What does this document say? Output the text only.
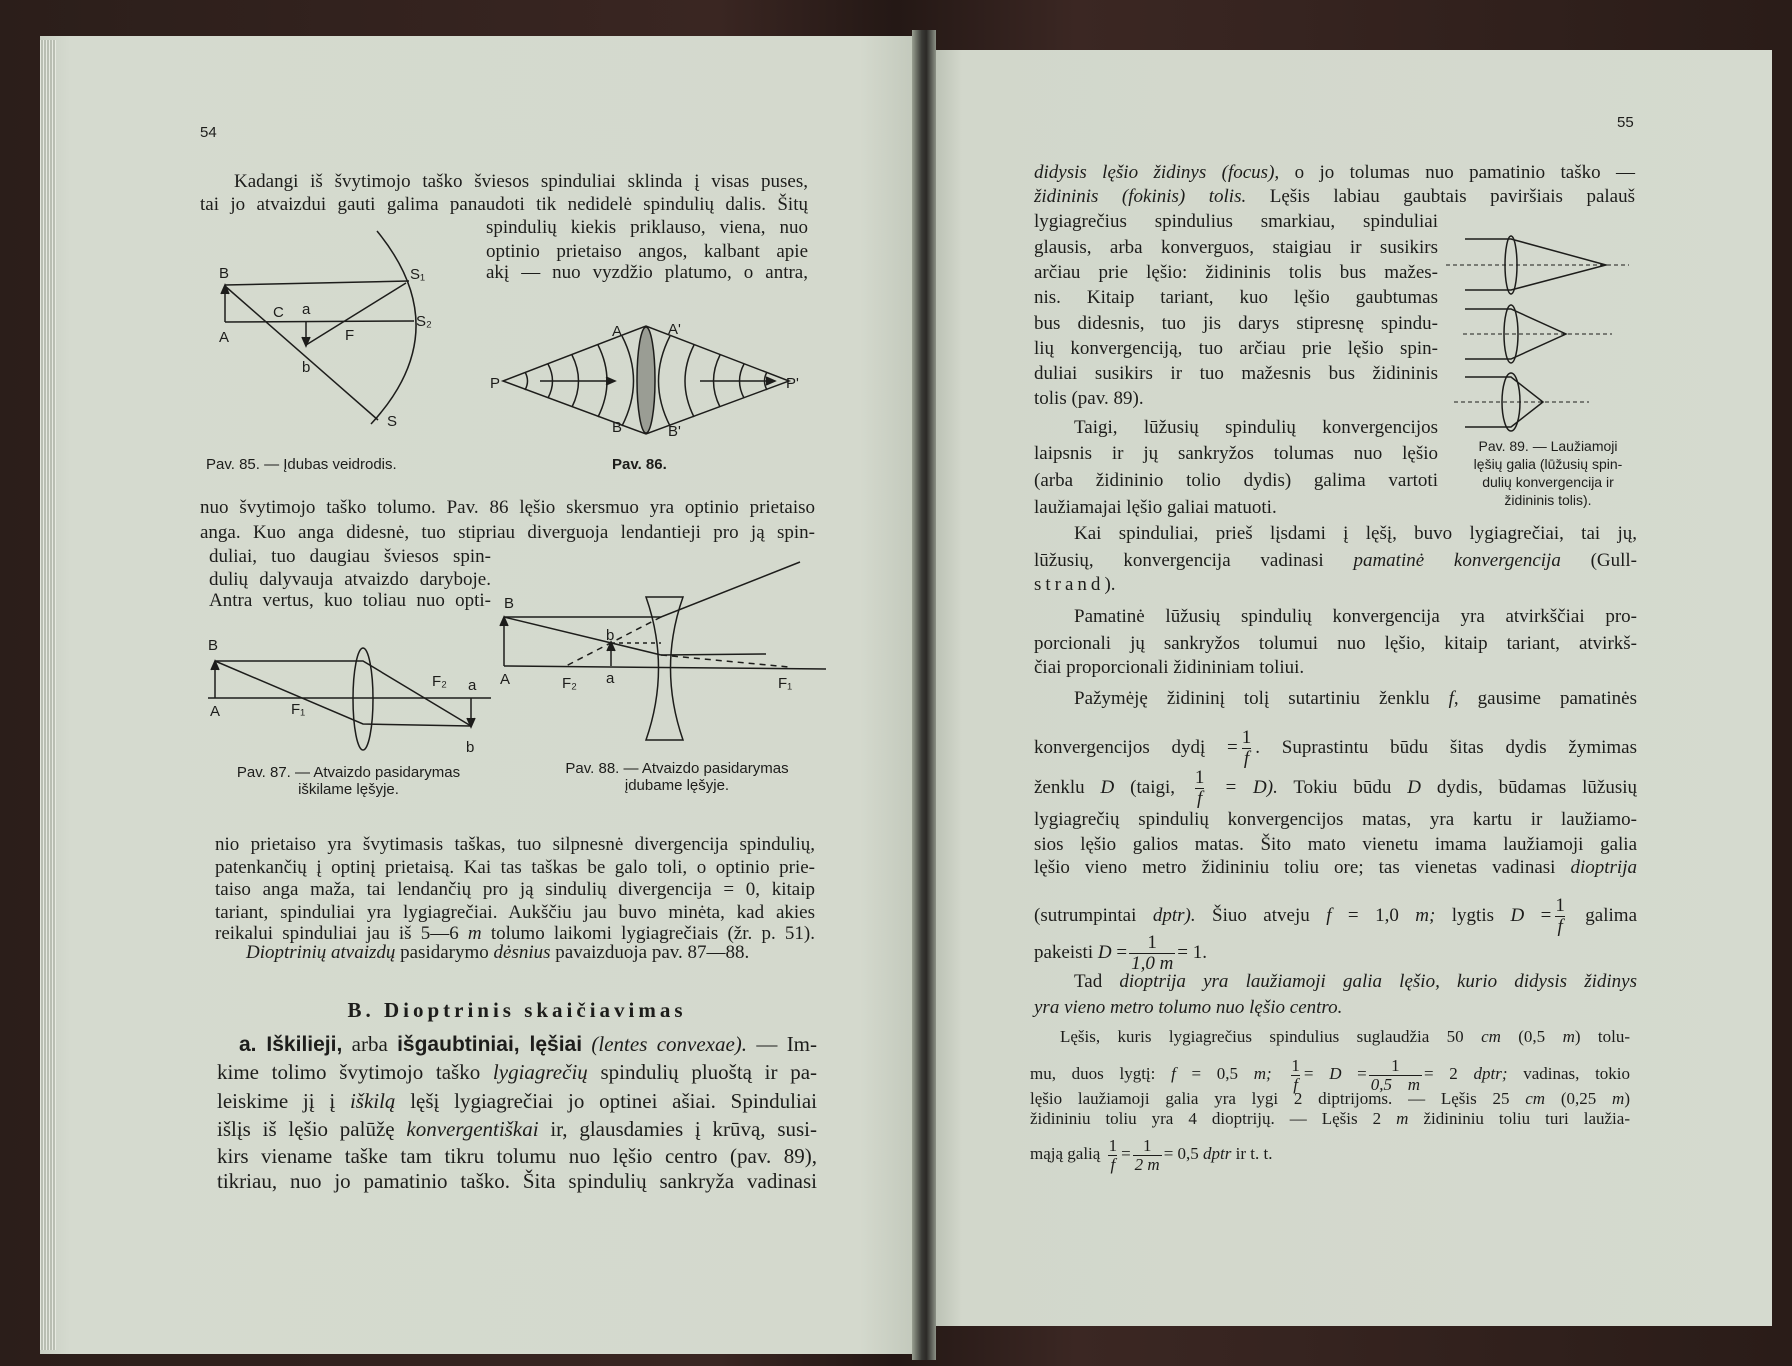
54
55
B. Dioptrinis skaičiavimas
Pav. 85. — Įdubas veidrodis.	Pav. 86.
Pav. 87. — Atvaizdo pasidarymas
iškilame lęšyje.
Pav. 88. — Atvaizdo pasidarymas
įdubame lęšyje.
Pav. 89. — Laužiamoji
lęšių galia (lūžusių spin-
dulių konvergencija ir
židininis tolis).
B
A
C a
F
b
S₁
S₂
S
P	P'
A	A'
B	B'
B
A	F₁
F₂ a
b
B
A	F₂ a
b
F₁
Kadangi iš švytimojo taško šviesos spinduliai sklinda į visas puses,
tai jo atvaizdui gauti galima panaudoti tik nedidelė spindulių dalis. Šitų
spindulių kiekis priklauso, viena, nuo
optinio prietaiso angos, kalbant apie
akį — nuo vyzdžio platumo, o antra,
nuo švytimojo taško tolumo. Pav. 86 lęšio skersmuo yra optinio prietaiso
anga. Kuo anga didesnė, tuo stipriau diverguoja lendantieji pro ją spin-
duliai, tuo daugiau šviesos spin-
dulių dalyvauja atvaizdo daryboje.
Antra vertus, kuo toliau nuo opti-
nio prietaiso yra švytimasis taškas, tuo silpnesnė divergencija spindulių,
patenkančių į optinį prietaisą. Kai tas taškas be galo toli, o optinio prie-
taiso anga maža, tai lendančių pro ją sindulių divergencija = 0, kitaip
tariant, spinduliai yra lygiagrečiai. Aukščiu jau buvo minėta, kad akies
reikalui spinduliai jau iš 5—6 m tolumo laikomi lygiagrečiais (žr. p. 51).
Dioptrinių atvaizdų pasidarymo dėsnius pavaizduoja pav. 87—88.
a. Iškilieji, arba išgaubtiniai, lęšiai (lentes convexae). — Im-
kime tolimo švytimojo taško lygiagrečių spindulių pluoštą ir pa-
leiskime jį į iškilą lęšį lygiagrečiai jo optinei ašiai. Spinduliai
išlįs iš lęšio palūžę konvergentiškai ir, glausdamies į krūvą, susi-
kirs viename taške tam tikru tolumu nuo lęšio centro (pav. 89),
tikriau, nuo jo pamatinio taško. Šita spindulių sankryža vadinasi
didysis lęšio židinys (focus), o jo tolumas nuo pamatinio taško —
židininis (fokinis) tolis. Lęšis labiau gaubtais paviršiais palauš
lygiagrečius spindulius smarkiau, spinduliai
glausis, arba konverguos, staigiau ir susikirs
arčiau prie lęšio: židininis tolis bus mažes-
nis. Kitaip tariant, kuo lęšio gaubtumas
bus didesnis, tuo jis darys stipresnę spindu-
lių konvergenciją, tuo arčiau prie lęšio spin-
duliai susikirs ir tuo mažesnis bus židininis
tolis (pav. 89).
Taigi, lūžusių spindulių konvergencijos
laipsnis ir jų sankryžos tolumas nuo lęšio
(arba židininio tolio dydis) galima vartoti
laužiamajai lęšio galiai matuoti.
Kai spinduliai, prieš lįsdami į lęšį, buvo lygiagrečiai, tai jų,
lūžusių, konvergencija vadinasi pamatinė konvergencija (Gull-
strand).
Pamatinė lūžusių spindulių konvergencija yra atvirkščiai pro-
porcionali jų sankryžos tolumui nuo lęšio, kitaip tariant, atvirkš-
čiai proporcionali židininiam toliui.
Pažymėję židininį tolį sutartiniu ženklu f, gausime pamatinės
konvergencijos dydį = $\frac{1}{f}$ . Suprastintu būdu šitas dydis žymimas
ženklu D (taigi, $\frac{1}{f} = D$). Tokiu būdu D dydis, būdamas lūžusių
lygiagrečių spindulių konvergencijos matas, yra kartu ir laužiamo-
sios lęšio galios matas. Šito mato vienetu imama laužiamoji galia
lęšio vieno metro židininiu toliu ore; tas vienetas vadinasi dioptrija
(sutrumpintai dptr). Šiuo atveju f = 1,0 m; lygtis $D = \frac{1}{f}$ galima
pakeisti $D = \frac{1}{1,0 m} = 1$.
Tad dioptrija yra laužiamoji galia lęšio, kurio didysis židinys
yra vieno metro tolumo nuo lęšio centro.
Lęšis, kuris lygiagrečius spindulius suglaudžia 50 cm (0,5 m) tolu-
mu, duos lygtį: f = 0,5 m; $\frac{1}{f} = D = \frac{1}{0,5 m} = 2$ dptr; vadinas, tokio
lęšio laužiamoji galia yra lygi 2 diptrijoms. — Lęšis 25 cm (0,25 m)
židininiu toliu yra 4 dioptrijų. — Lęšis 2 m židininiu toliu turi laužia-
mąją galią $\frac{1}{f} = \frac{1}{2 m} = 0,5$ dptr ir t. t.
